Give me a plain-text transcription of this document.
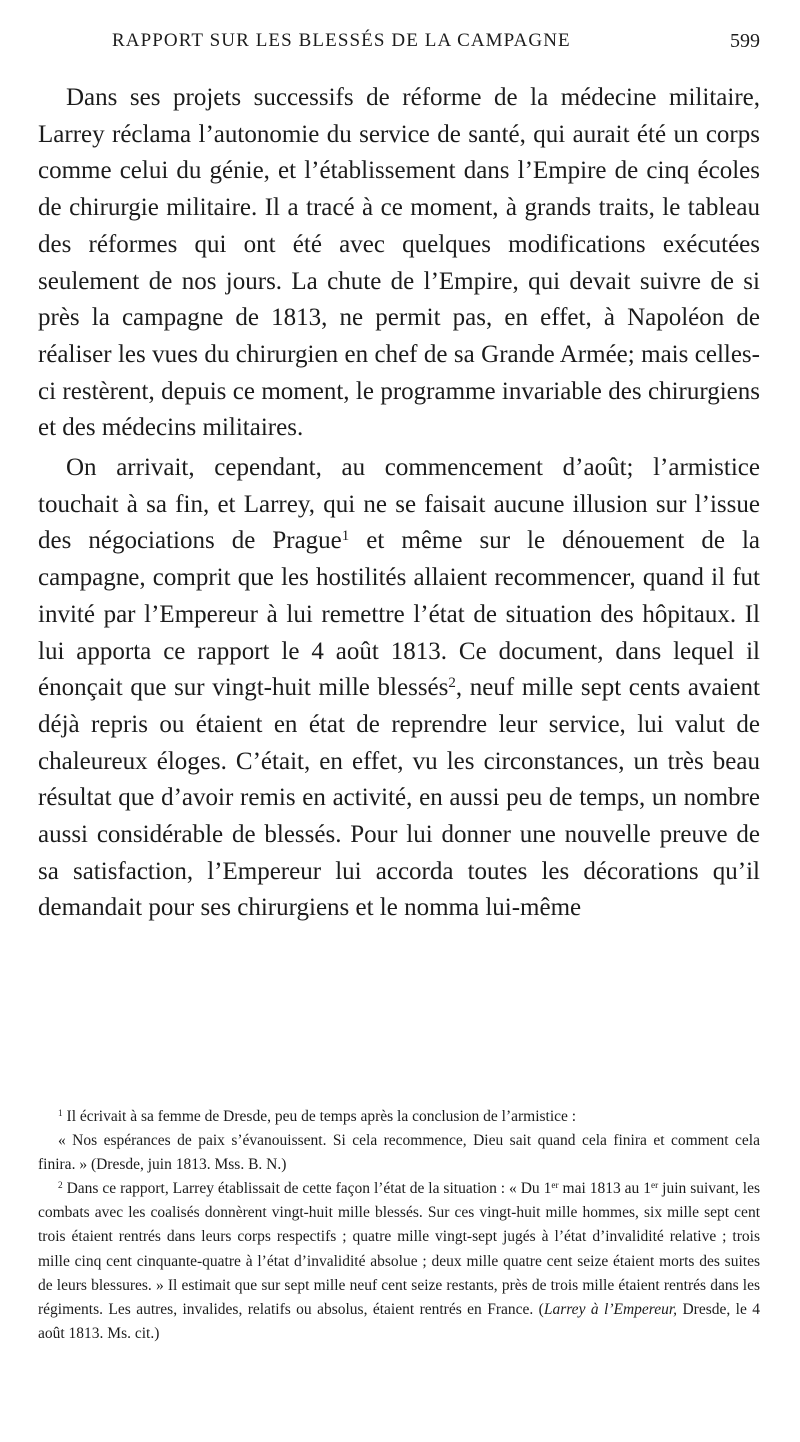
RAPPORT SUR LES BLESSÉS DE LA CAMPAGNE	599

Dans ses projets successifs de réforme de la médecine militaire, Larrey réclama l’autonomie du service de santé, qui aurait été un corps comme celui du génie, et l’établissement dans l’Empire de cinq écoles de chirurgie militaire. Il a tracé à ce moment, à grands traits, le tableau des réformes qui ont été avec quelques modifications exécutées seulement de nos jours. La chute de l’Empire, qui devait suivre de si près la campagne de 1813, ne permit pas, en effet, à Napoléon de réaliser les vues du chirurgien en chef de sa Grande Armée; mais celles-ci restèrent, depuis ce moment, le programme invariable des chirurgiens et des médecins militaires.

On arrivait, cependant, au commencement d’août; l’armistice touchait à sa fin, et Larrey, qui ne se faisait aucune illusion sur l’issue des négociations de Prague$^1$ et même sur le dénouement de la campagne, comprit que les hostilités allaient recommencer, quand il fut invité par l’Empereur à lui remettre l’état de situation des hôpitaux. Il lui apporta ce rapport le 4 août 1813. Ce document, dans lequel il énonçait que sur vingt-huit mille blessés$^2$, neuf mille sept cents avaient déjà repris ou étaient en état de reprendre leur service, lui valut de chaleureux éloges. C’était, en effet, vu les circonstances, un très beau résultat que d’avoir remis en activité, en aussi peu de temps, un nombre aussi considérable de blessés. Pour lui donner une nouvelle preuve de sa satisfaction, l’Empereur lui accorda toutes les décorations qu’il demandait pour ses chirurgiens et le nomma lui-même

$^1$ Il écrivait à sa femme de Dresde, peu de temps après la conclusion de l’armistice :

« Nos espérances de paix s’évanouissent. Si cela recommence, Dieu sait quand cela finira et comment cela finira. » (Dresde, juin 1813. Mss. B. N.)

$^2$ Dans ce rapport, Larrey établissait de cette façon l’état de la situation : « Du 1er mai 1813 au 1er juin suivant, les combats avec les coalisés donnèrent vingt-huit mille blessés. Sur ces vingt-huit mille hommes, six mille sept cent trois étaient rentrés dans leurs corps respectifs ; quatre mille vingt-sept jugés à l’état d’invalidité relative ; trois mille cinq cent cinquante-quatre à l’état d’invalidité absolue ; deux mille quatre cent seize étaient morts des suites de leurs blessures. » Il estimait que sur sept mille neuf cent seize restants, près de trois mille étaient rentrés dans les régiments. Les autres, invalides, relatifs ou absolus, étaient rentrés en France. (Larrey à l’Empereur, Dresde, le 4 août 1813. Ms. cit.)
